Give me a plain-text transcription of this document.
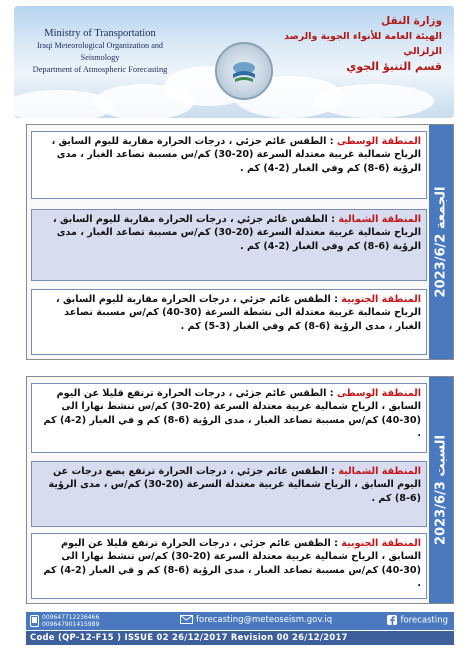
Ministry of Transportation
Iraqi Meteorological Organization and Seismology
Department of Atmospheric Forecasting
وزارة النقل
الهيئة العامة للأنواء الجوية والرصد الزلزالي
قسم التنبؤ الجوي
المنطقة الوسطى : الطقس غائم جزئي ، درجات الحرارة مقاربة لليوم السابق ، الرياح شمالية غربية معتدلة السرعة (20-30) كم/س مسببة تصاعد الغبار ، مدى الرؤية (6-8) كم وفي الغبار (2-4) كم .
المنطقة الشمالية : الطقس غائم جزئي ، درجات الحرارة مقاربة لليوم السابق ، الرياح شمالية غربية معتدلة السرعة (20-30) كم/س مسببة تصاعد الغبار ، مدى الرؤية (6-8) كم وفي الغبار (2-4) كم .
المنطقة الجنوبية : الطقس غائم جزئي ، درجات الحرارة مقاربة لليوم السابق ، الرياح شمالية غربية معتدلة الى نشطة السرعة (30-40) كم/س مسببة تصاعد الغبار ، مدى الرؤية (6-8) كم وفي الغبار (3-5) كم .
الجمعة 2023/6/2
المنطقة الوسطى : الطقس غائم جزئي ، درجات الحرارة ترتفع قليلا عن اليوم السابق ، الرياح شمالية غربية معتدلة السرعة (20-30) كم/س تنشط نهارا الى (30-40) كم/س مسببة تصاعد الغبار ، مدى الرؤية (6-8) كم و في الغبار (2-4) كم .
المنطقة الشمالية : الطقس غائم جزئي ، درجات الحرارة ترتفع بضع درجات عن اليوم السابق ، الرياح شمالية غربية معتدلة السرعة (20-30) كم/س ، مدى الرؤية (6-8) كم .
المنطقة الجنوبية : الطقس غائم جزئي ، درجات الحرارة ترتفع قليلا عن اليوم السابق ، الرياح شمالية غربية معتدلة السرعة (20-30) كم/س تنشط نهارا الى (30-40) كم/س مسببة تصاعد الغبار ، مدى الرؤية (6-8) كم و في الغبار (2-4) كم .
السبت 2023/6/3
009647712236466
009647901415989	forecasting@meteoseism.gov.iq	forecasting
Code (QP-12-F15 ) ISSUE 02 26/12/2017 Revision 00 26/12/2017
